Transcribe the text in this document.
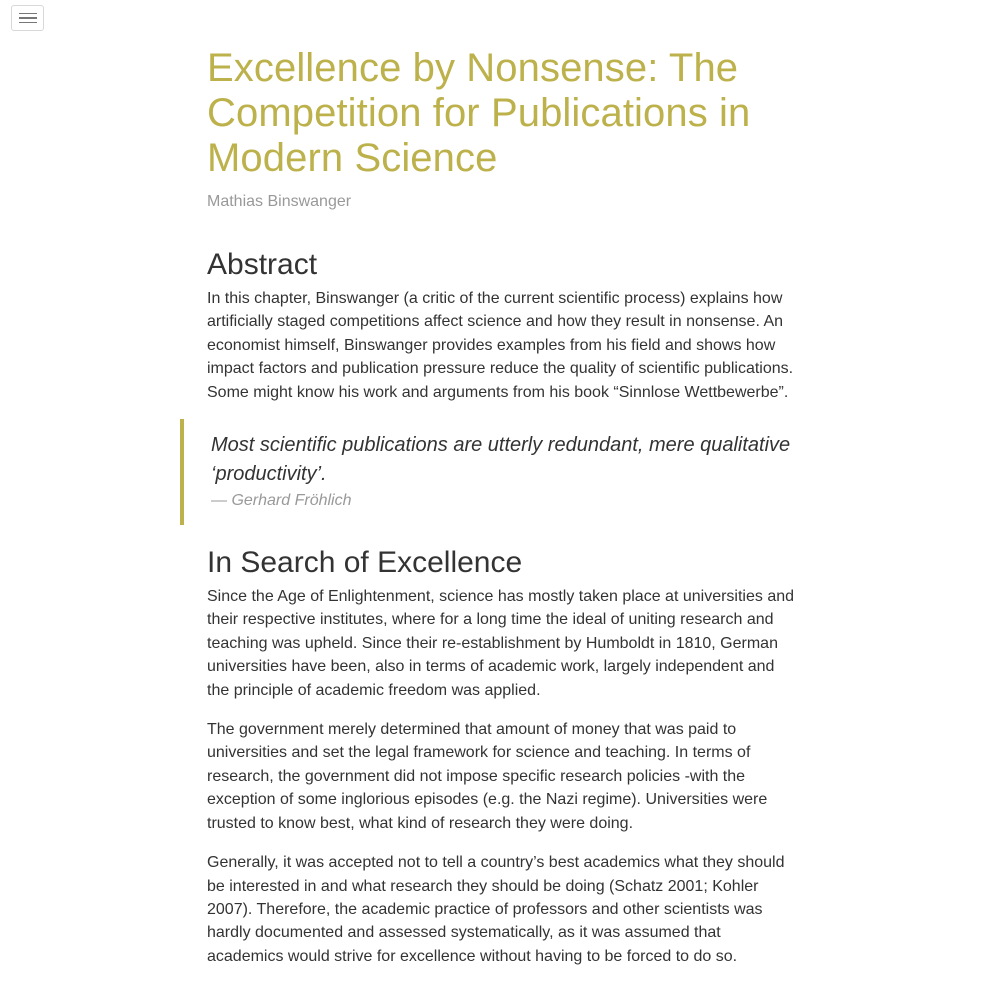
Excellence by Nonsense: The Competition for Publications in Modern Science
Mathias Binswanger
Abstract

In this chapter, Binswanger (a critic of the current scientific process) explains how artificially staged competitions affect science and how they result in nonsense. An economist himself, Binswanger provides examples from his field and shows how impact factors and publication pressure reduce the quality of scientific publications. Some might know his work and arguments from his book “Sinnlose Wettbewerbe”.

Most scientific publications are utterly redundant, mere qualitative ‘productivity’.
— Gerhard Fröhlich
In Search of Excellence

Since the Age of Enlightenment, science has mostly taken place at universities and their respective institutes, where for a long time the ideal of uniting research and teaching was upheld. Since their re-establishment by Humboldt in 1810, German universities have been, also in terms of academic work, largely independent and the principle of academic freedom was applied.

The government merely determined that amount of money that was paid to universities and set the legal framework for science and teaching. In terms of research, the government did not impose specific research policies -with the exception of some inglorious episodes (e.g. the Nazi regime). Universities were trusted to know best, what kind of research they were doing.

Generally, it was accepted not to tell a country’s best academics what they should be interested in and what research they should be doing (Schatz 2001; Kohler 2007). Therefore, the academic practice of professors and other scientists was hardly documented and assessed systematically, as it was assumed that academics would strive for excellence without having to be forced to do so.
